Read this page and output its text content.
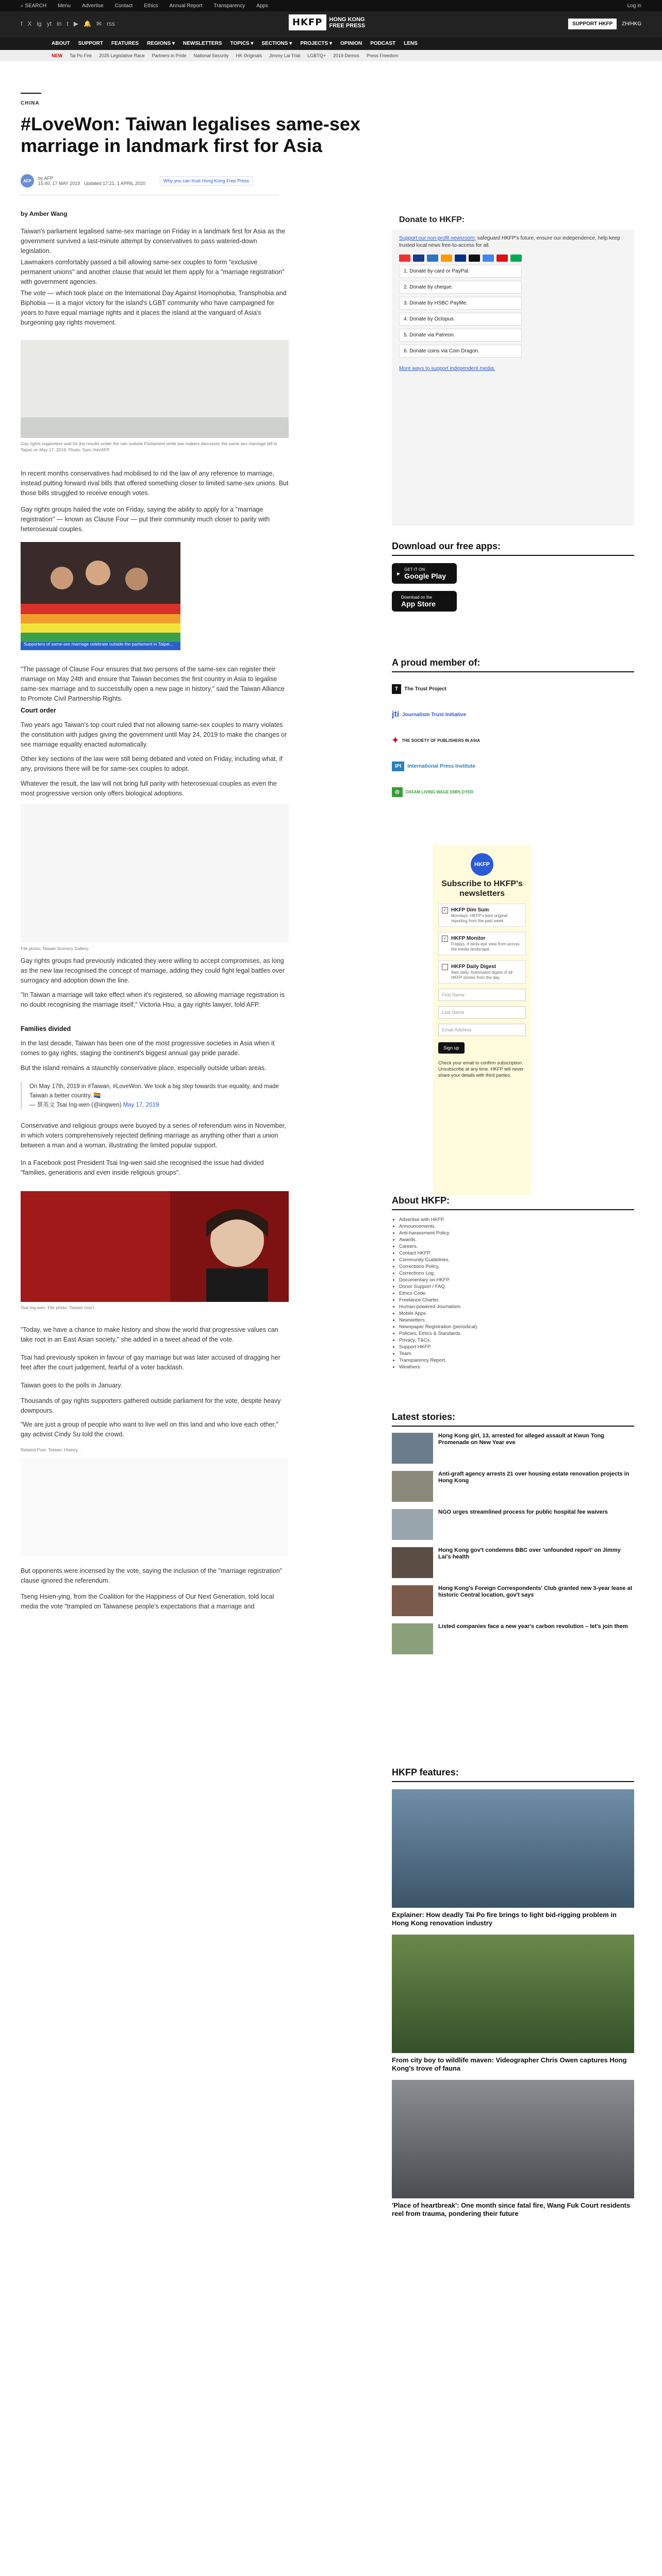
⌕ SEARCH Menu Advertise Contact Ethics Annual Report Transparency Apps	Log in
f X ig yt in t ▶ 🔔 ✉ rss	HKFP	HONG KONG
FREE PRESS	SUPPORT HKFP	ZH/HKG
ABOUT SUPPORT FEATURES REGIONS ▾ NEWSLETTERS TOPICS ▾ SECTIONS ▾ PROJECTS ▾ OPINION PODCAST LENS
NEW Tai Po Fire 2025 Legislative Race Partners in Pride National Security HK Originals Jimmy Lai Trial LGBTQ+ 2019 Demos Press Freedom
CHINA
#LoveWon: Taiwan legalises same-sex marriage in landmark first for Asia
AFP	by AFP
15:40, 17 MAY 2019 Updated 17:21, 1 APRIL 2020	Why you can trust Hong Kong Free Press
by Amber Wang

Taiwan's parliament legalised same-sex marriage on Friday in a landmark first for Asia as the government survived a last-minute attempt by conservatives to pass watered-down legislation.

Lawmakers comfortably passed a bill allowing same-sex couples to form "exclusive permanent unions" and another clause that would let them apply for a "marriage registration" with government agencies.

The vote — which took place on the International Day Against Homophobia, Transphobia and Biphobia — is a major victory for the island's LGBT community who have campaigned for years to have equal marriage rights and it places the island at the vanguard of Asia's burgeoning gay rights movement.

Gay rights supporters wait for the results under the rain outside Parliament while law makers discusses the same sex marriage bill in Taipei on May 17, 2019. Photo: Sam Yeh/AFP.

In recent months conservatives had mobilised to rid the law of any reference to marriage, instead putting forward rival bills that offered something closer to limited same-sex unions. But those bills struggled to receive enough votes.

Gay rights groups hailed the vote on Friday, saying the ability to apply for a "marriage registration" — known as Clause Four — put their community much closer to parity with heterosexual couples.

Supporters of same-sex marriage celebrate outside the parliament in Taipei...

"The passage of Clause Four ensures that two persons of the same-sex can register their marriage on May 24th and ensure that Taiwan becomes the first country in Asia to legalise same-sex marriage and to successfully open a new page in history," said the Taiwan Alliance to Promote Civil Partnership Rights.

Court order

Two years ago Taiwan's top court ruled that not allowing same-sex couples to marry violates the constitution with judges giving the government until May 24, 2019 to make the changes or see marriage equality enacted automatically.

Other key sections of the law were still being debated and voted on Friday, including what, if any, provisions there will be for same-sex couples to adopt.

Whatever the result, the law will not bring full parity with heterosexual couples as even the most progressive version only offers biological adoptions.

File photo: Taiwan Scenery Gallery.

Gay rights groups had previously indicated they were willing to accept compromises, as long as the new law recognised the concept of marriage, adding they could fight legal battles over surrogacy and adoption down the line.

"In Taiwan a marriage will take effect when it's registered, so allowing marriage registration is no doubt recognising the marriage itself," Victoria Hsu, a gay rights lawyer, told AFP.

Families divided

In the last decade, Taiwan has been one of the most progressive societies in Asia when it comes to gay rights, staging the continent's biggest annual gay pride parade.

But the island remains a staunchly conservative place, especially outside urban areas.

On May 17th, 2019 in #Taiwan, #LoveWon. We took a big step towards true equality, and made Taiwan a better country. 🏳️‍🌈
— 蔡英文 Tsai Ing-wen (@iingwen) May 17, 2019

Conservative and religious groups were buoyed by a series of referendum wins in November, in which voters comprehensively rejected defining marriage as anything other than a union between a man and a woman, illustrating the limited popular support.

In a Facebook post President Tsai Ing-wen said she recognised the issue had divided "families, generations and even inside religious groups".

Tsai Ing-wen. File photo: Taiwan Gov't.

"Today, we have a chance to make history and show the world that progressive values can take root in an East Asian society," she added in a tweet ahead of the vote.

Tsai had previously spoken in favour of gay marriage but was later accused of dragging her feet after the court judgement, fearful of a voter backlash.

Taiwan goes to the polls in January.

Thousands of gay rights supporters gathered outside parliament for the vote, despite heavy downpours.

"We are just a group of people who want to live well on this land and who love each other," gay activist Cindy Su told the crowd.

Related Post: Taiwan: History...

But opponents were incensed by the vote, saying the inclusion of the "marriage registration" clause ignored the referendum.

Tseng Hsien-ying, from the Coalition for the Happiness of Our Next Generation, told local media the vote "trampled on Taiwanese people's expectations that a marriage and

Donate to HKFP:
Support our non-profit newsroom: safeguard HKFP's future, ensure our independence, help keep trusted local news free-to-access for all.
1. Donate by card or PayPal.
2. Donate by cheque.
3. Donate by HSBC PayMe.
4. Donate by Octopus.
5. Donate via Patreon.
6. Donate coins via Coin Dragon.
More ways to support independent media.
Download our free apps:
▶
GET IT ON
Google Play
Download on the
App Store
A proud member of:
T	The Trust Project
jti Journalism Trust Initiative
✦ THE SOCIETY OF PUBLISHERS IN ASIA
IPI	International Press Institute
◎	OXFAM LIVING WAGE EMPLOYER
HKFP
Subscribe to HKFP's newsletters
✓ HKFP Dim Sum
Mondays. HKFP's best original reporting from the past week.
✓ HKFP Monitor
Fridays. A birds-eye view from across the media landscape.
HKFP Daily Digest
9am daily. Automated digest of all HKFP stories from the day.
First Name
Last Name
Email Address
Sign up
Check your email to confirm subscription. Unsubscribe at any time. HKFP will never share your details with third parties.
About HKFP:
• Advertise with HKFP.
• Announcements.
• Anti-harassment Policy.
• Awards.
• Careers.
• Contact HKFP.
• Community Guidelines.
• Corrections Policy.
• Corrections Log.
• Documentary on HKFP.
• Donor Support / FAQ.
• Ethics Code.
• Freelance Charter.
• Human-powered Journalism.
• Mobile Apps.
• Newsletters.
• Newspaper Registration (periodical).
• Policies, Ethics & Standards.
• Privacy, T&Cs.
• Support HKFP.
• Team.
• Transparency Report.
• Weathers
Latest stories:
Hong Kong girl, 13, arrested for alleged assault at Kwun Tong Promenade on New Year eve
Anti-graft agency arrests 21 over housing estate renovation projects in Hong Kong
NGO urges streamlined process for public hospital fee waivers
Hong Kong gov't condemns BBC over 'unfounded report' on Jimmy Lai's health
Hong Kong's Foreign Correspondents' Club granted new 3-year lease at historic Central location, gov't says
Listed companies face a new year's carbon revolution – let's join them
HKFP features:
Explainer: How deadly Tai Po fire brings to light bid-rigging problem in Hong Kong renovation industry
From city boy to wildlife maven: Videographer Chris Owen captures Hong Kong's trove of fauna
'Place of heartbreak': One month since fatal fire, Wang Fuk Court residents reel from trauma, pondering their future
